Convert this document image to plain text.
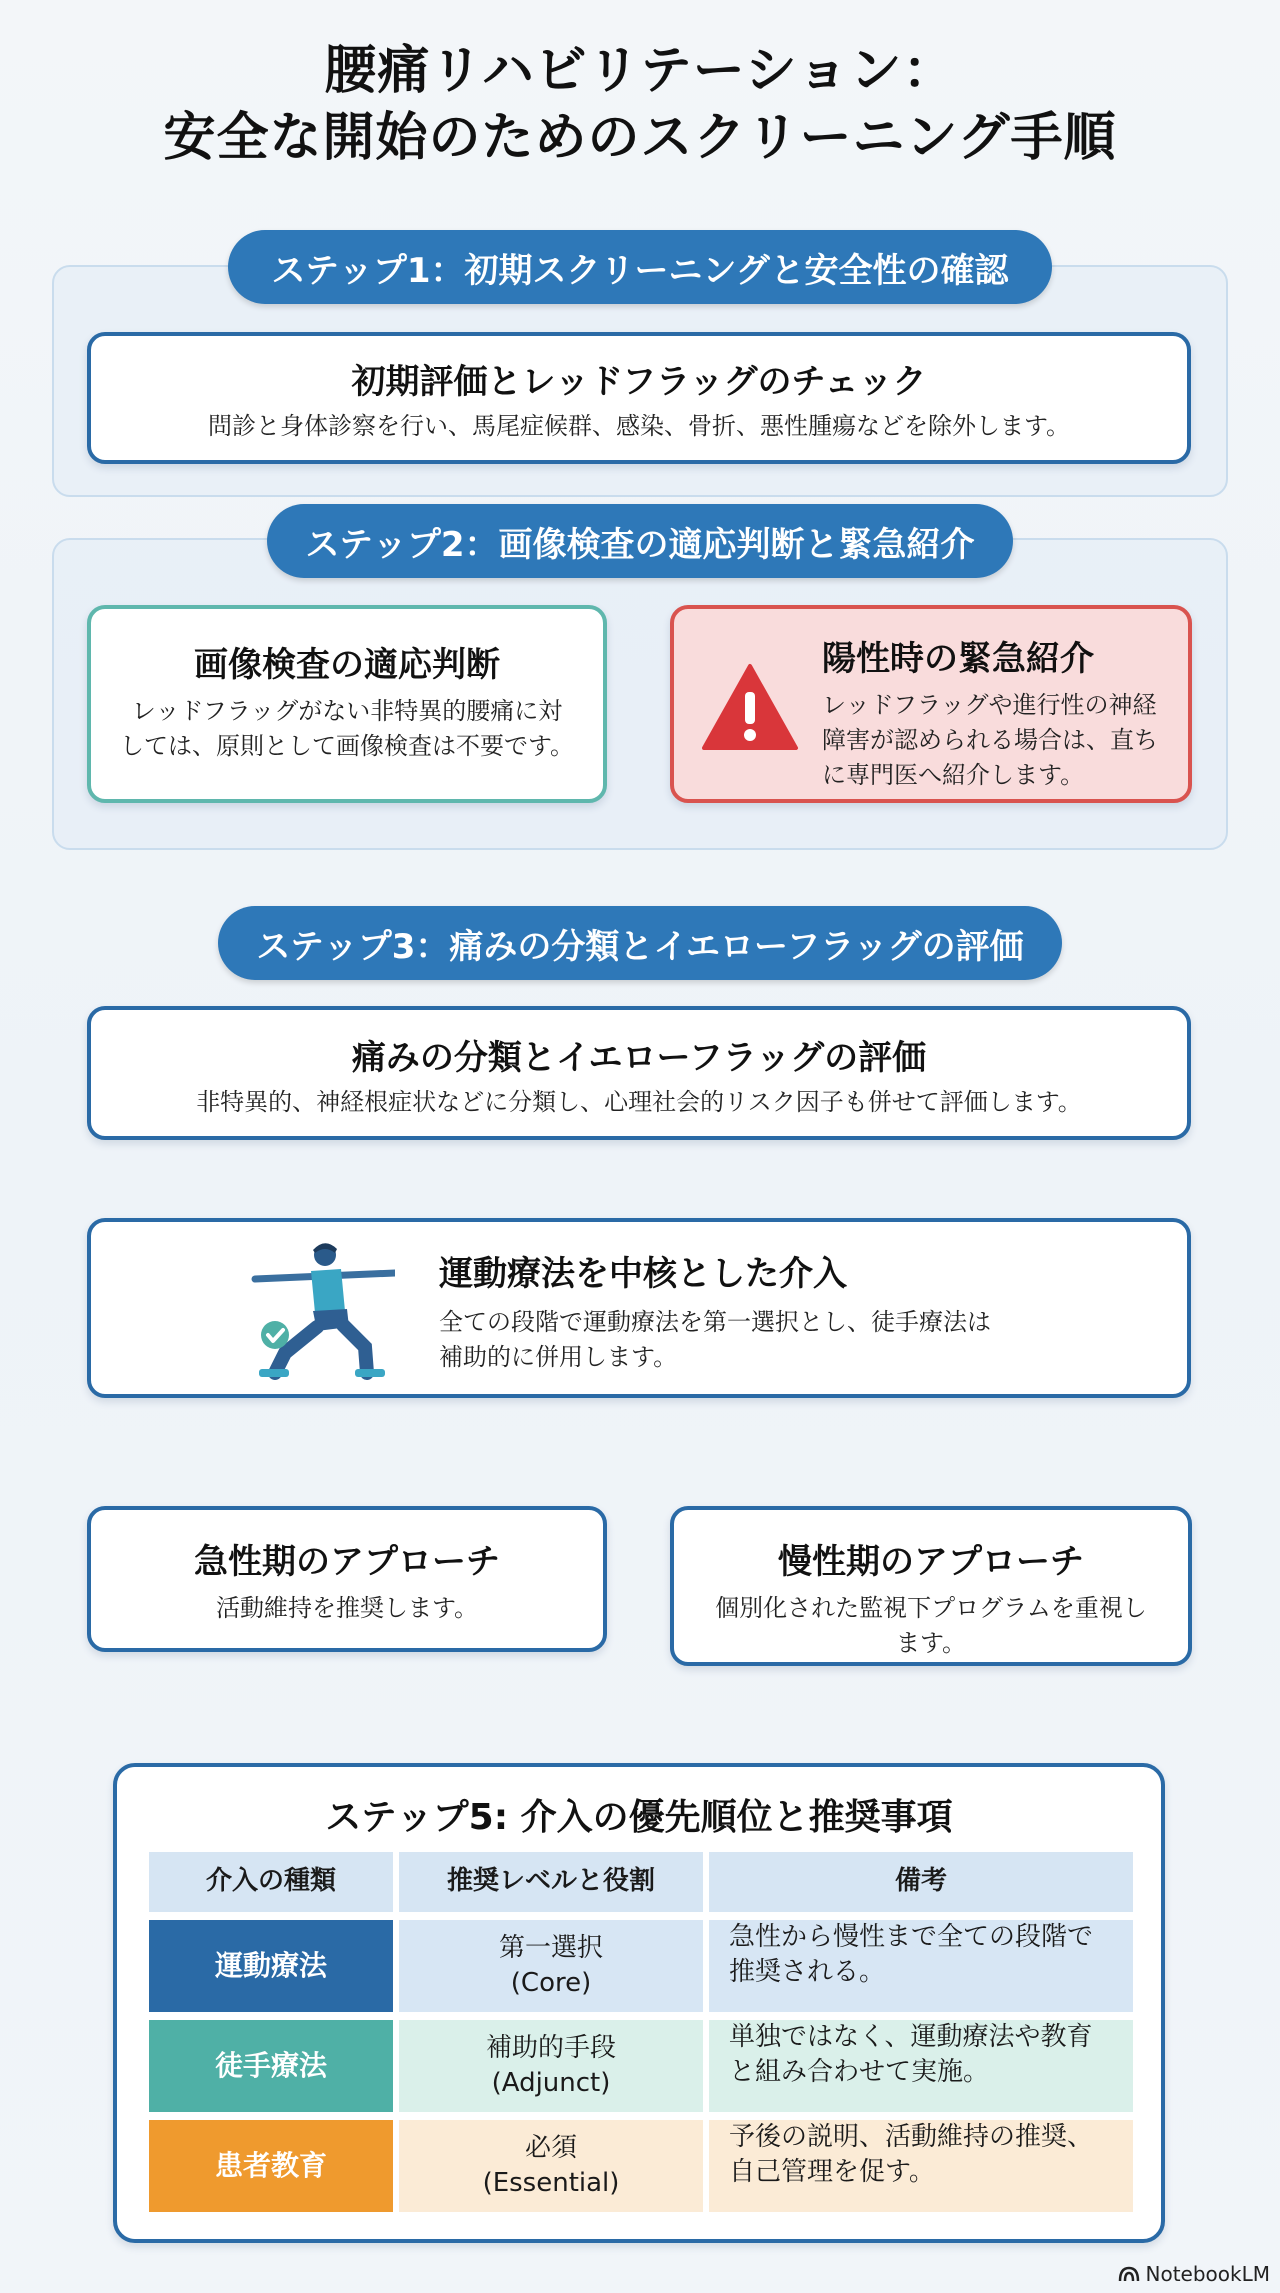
腰痛リハビリテーション：
安全な開始のためのスクリーニング手順
ステップ1：初期スクリーニングと安全性の確認
初期評価とレッドフラッグのチェック
問診と身体診察を行い、馬尾症候群、感染、骨折、悪性腫瘍などを除外します。
ステップ2：画像検査の適応判断と緊急紹介
画像検査の適応判断
レッドフラッグがない非特異的腰痛に対
しては、原則として画像検査は不要です。
陽性時の緊急紹介
レッドフラッグや進行性の神経
障害が認められる場合は、直ち
に専門医へ紹介します。
ステップ3：痛みの分類とイエローフラッグの評価
痛みの分類とイエローフラッグの評価
非特異的、神経根症状などに分類し、心理社会的リスク因子も併せて評価します。
運動療法を中核とした介入
全ての段階で運動療法を第一選択とし、徒手療法は
補助的に併用します。
急性期のアプローチ
活動維持を推奨します。
慢性期のアプローチ
個別化された監視下プログラムを重視し
ます。
ステップ5: 介入の優先順位と推奨事項
介入の種類	推奨レベルと役割	備考
運動療法
第一選択
(Core)
急性から慢性まで全ての段階で
推奨される。
徒手療法
補助的手段
(Adjunct)
単独ではなく、運動療法や教育
と組み合わせて実施。
患者教育
必須
(Essential)
予後の説明、活動維持の推奨、
自己管理を促す。
NotebookLM
